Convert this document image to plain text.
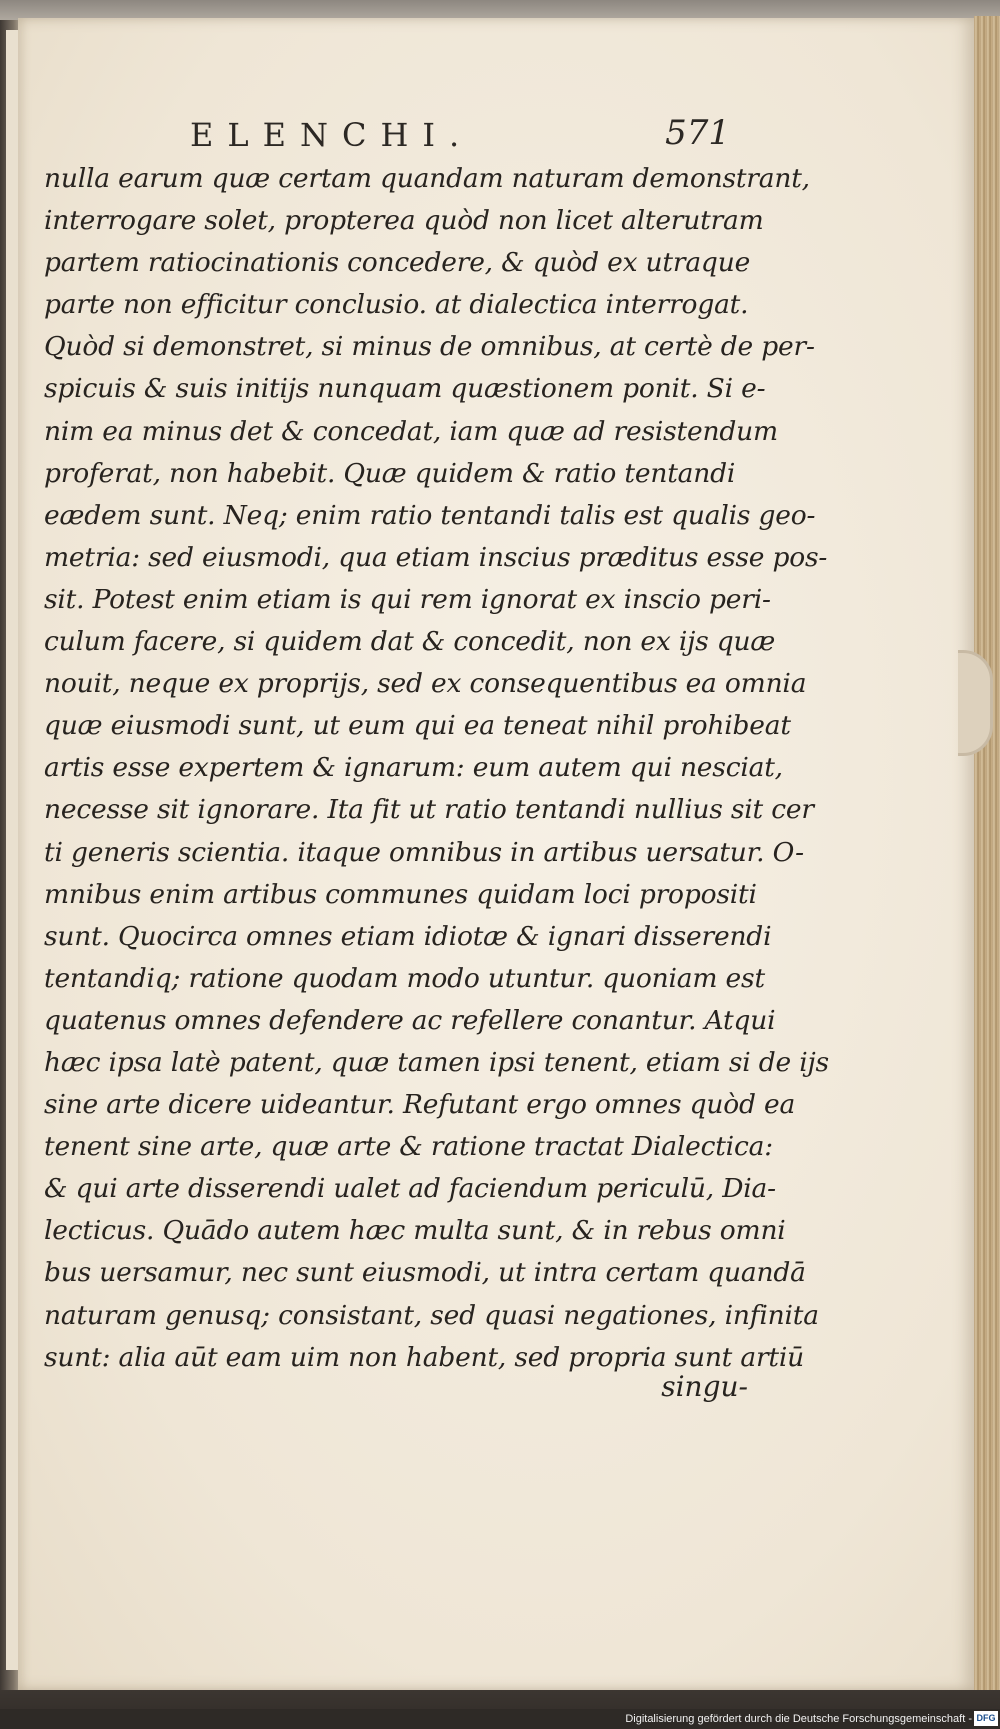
ELENCHI.	571
nulla earum quæ certam quandam naturam demonstrant,
interrogare solet, propterea quòd non licet alterutram
partem ratiocinationis concedere, & quòd ex utraque
parte non efficitur conclusio. at dialectica interrogat.
Quòd si demonstret, si minus de omnibus, at certè de per-
spicuis & suis initijs nunquam quæstionem ponit. Si e-
nim ea minus det & concedat, iam quæ ad resistendum
proferat, non habebit. Quæ quidem & ratio tentandi
eædem sunt. Neq; enim ratio tentandi talis est qualis geo-
metria: sed eiusmodi, qua etiam inscius præditus esse pos-
sit. Potest enim etiam is qui rem ignorat ex inscio peri-
culum facere, si quidem dat & concedit, non ex ijs quæ
nouit, neque ex proprijs, sed ex consequentibus ea omnia
quæ eiusmodi sunt, ut eum qui ea teneat nihil prohibeat
artis esse expertem & ignarum: eum autem qui nesciat,
necesse sit ignorare. Ita fit ut ratio tentandi nullius sit cer
ti generis scientia. itaque omnibus in artibus uersatur. O-
mnibus enim artibus communes quidam loci propositi
sunt. Quocirca omnes etiam idiotæ & ignari disserendi
tentandiq; ratione quodam modo utuntur. quoniam est
quatenus omnes defendere ac refellere conantur. Atqui
hæc ipsa latè patent, quæ tamen ipsi tenent, etiam si de ijs
sine arte dicere uideantur. Refutant ergo omnes quòd ea
tenent sine arte, quæ arte & ratione tractat Dialectica:
& qui arte disserendi ualet ad faciendum periculū, Dia-
lecticus. Quādo autem hæc multa sunt, & in rebus omni
bus uersamur, nec sunt eiusmodi, ut intra certam quandā
naturam genusq; consistant, sed quasi negationes, infinita
sunt: alia aūt eam uim non habent, sed propria sunt artiū
singu-
Digitalisierung gefördert durch die Deutsche Forschungsgemeinschaft - DFG
